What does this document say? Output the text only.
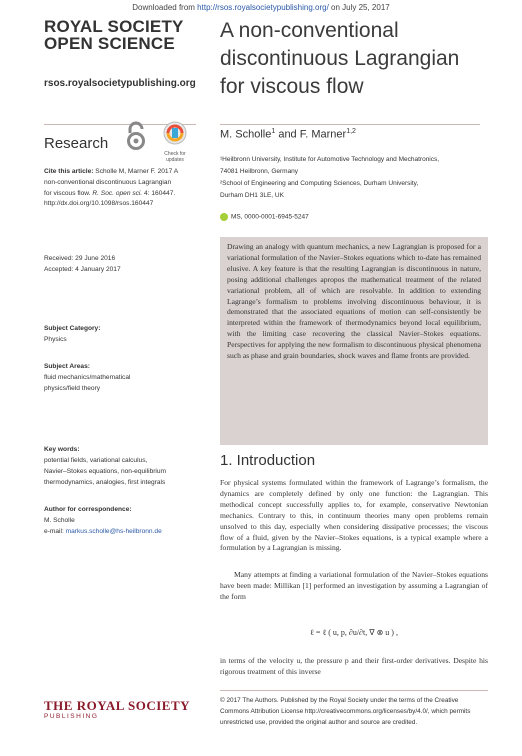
Downloaded from http://rsos.royalsocietypublishing.org/ on July 25, 2017
ROYAL SOCIETY
OPEN SCIENCE
rsos.royalsocietypublishing.org
A non-conventional
discontinuous Lagrangian
for viscous flow
Research
Check for updates
M. Scholle$^1$ and F. Marner$^{1,2}$
¹Heilbronn University, Institute for Automotive Technology and Mechatronics,
74081 Heilbronn, Germany
²School of Engineering and Computing Sciences, Durham University,
Durham DH1 3LE, UK
MS, 0000-0001-6945-5247
Cite this article: Scholle M, Marner F. 2017 A
non-conventional discontinuous Lagrangian
for viscous flow. R. Soc. open sci. 4: 160447.
http://dx.doi.org/10.1098/rsos.160447
Received: 29 June 2016
Accepted: 4 January 2017
Subject Category:
Physics
Subject Areas:
fluid mechanics/mathematical
physics/field theory
Key words:
potential fields, variational calculus,
Navier–Stokes equations, non-equilibrium
thermodynamics, analogies, first integrals
Author for correspondence:
M. Scholle
e-mail: markus.scholle@hs-heilbronn.de
Drawing an analogy with quantum mechanics, a new Lagrangian is proposed for a variational formulation of the Navier–Stokes equations which to-date has remained elusive. A key feature is that the resulting Lagrangian is discontinuous in nature, posing additional challenges apropos the mathematical treatment of the related variational problem, all of which are resolvable. In addition to extending Lagrange’s formalism to problems involving discontinuous behaviour, it is demonstrated that the associated equations of motion can self-consistently be interpreted within the framework of thermodynamics beyond local equilibrium, with the limiting case recovering the classical Navier–Stokes equations. Perspectives for applying the new formalism to discontinuous physical phenomena such as phase and grain boundaries, shock waves and flame fronts are provided.
1. Introduction
For physical systems formulated within the framework of Lagrange’s formalism, the dynamics are completely defined by only one function: the Lagrangian. This methodical concept successfully applies to, for example, conservative Newtonian mechanics. Contrary to this, in continuum theories many open problems remain unsolved to this day, especially when considering dissipative processes; the viscous flow of a fluid, given by the Navier–Stokes equations, is a typical example where a formulation by a Lagrangian is missing.
Many attempts at finding a variational formulation of the Navier–Stokes equations have been made: Millikan [1] performed an investigation by assuming a Lagrangian of the form
ℓ = ℓ ( u, p, ∂u/∂t, ∇ ⊗ u ) ,
in terms of the velocity u, the pressure p and their first-order derivatives. Despite his rigorous treatment of this inverse
THE ROYAL SOCIETY
PUBLISHING
© 2017 The Authors. Published by the Royal Society under the terms of the Creative Commons Attribution License http://creativecommons.org/licenses/by/4.0/, which permits unrestricted use, provided the original author and source are credited.
